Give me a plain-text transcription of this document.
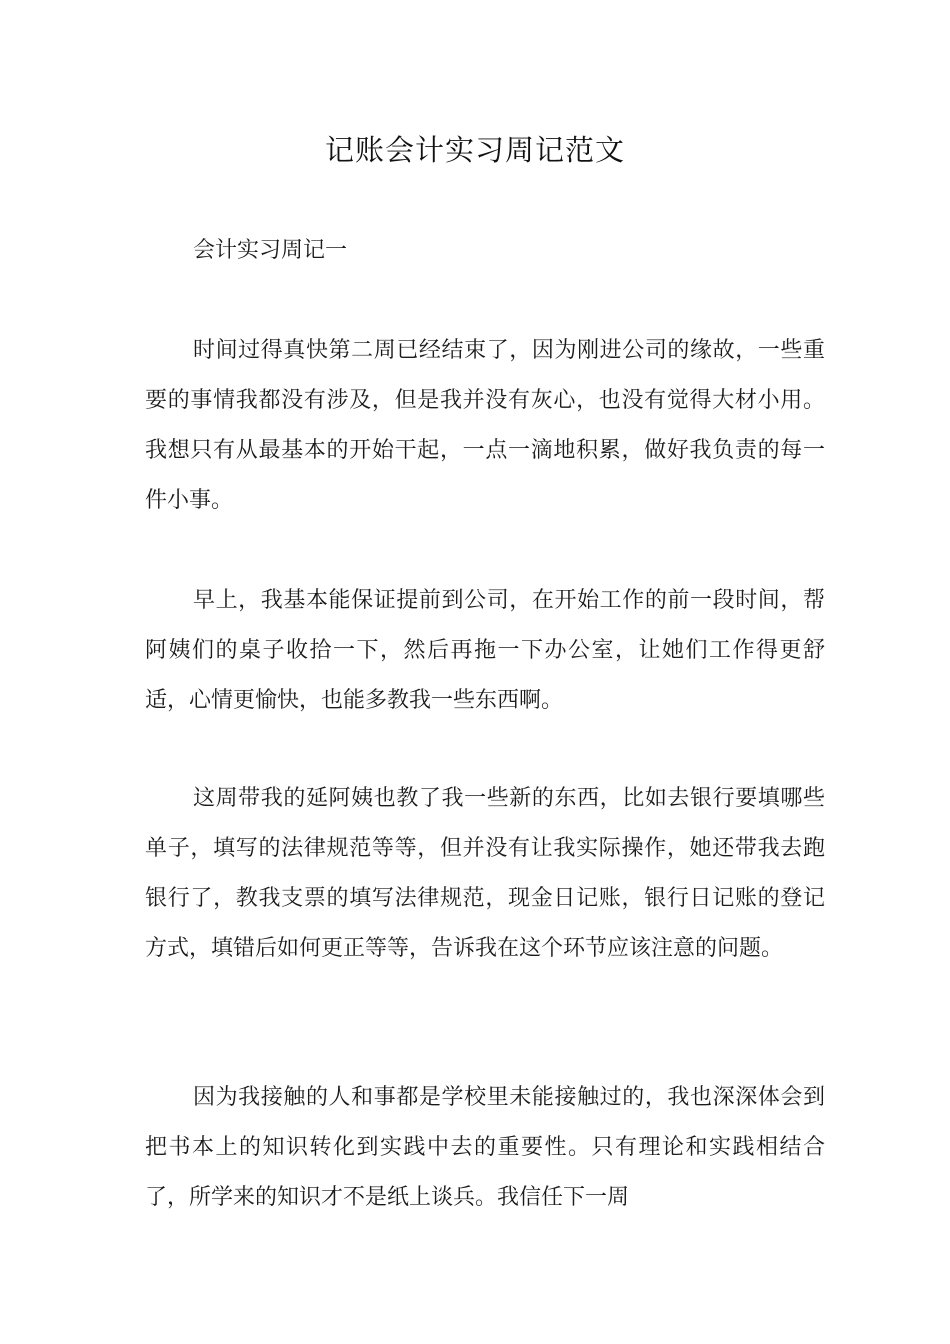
记账会计实习周记范文

会计实习周记一

时间过得真快第二周已经结束了，因为刚进公司的缘故，一些重要的事情我都没有涉及，但是我并没有灰心，也没有觉得大材小用。我想只有从最基本的开始干起，一点一滴地积累，做好我负责的每一件小事。

早上，我基本能保证提前到公司，在开始工作的前一段时间，帮阿姨们的桌子收拾一下，然后再拖一下办公室，让她们工作得更舒适，心情更愉快，也能多教我一些东西啊。

这周带我的延阿姨也教了我一些新的东西，比如去银行要填哪些单子，填写的法律规范等等，但并没有让我实际操作，她还带我去跑银行了，教我支票的填写法律规范，现金日记账，银行日记账的登记方式，填错后如何更正等等，告诉我在这个环节应该注意的问题。

因为我接触的人和事都是学校里未能接触过的，我也深深体会到把书本上的知识转化到实践中去的重要性。只有理论和实践相结合了，所学来的知识才不是纸上谈兵。我信任下一周
